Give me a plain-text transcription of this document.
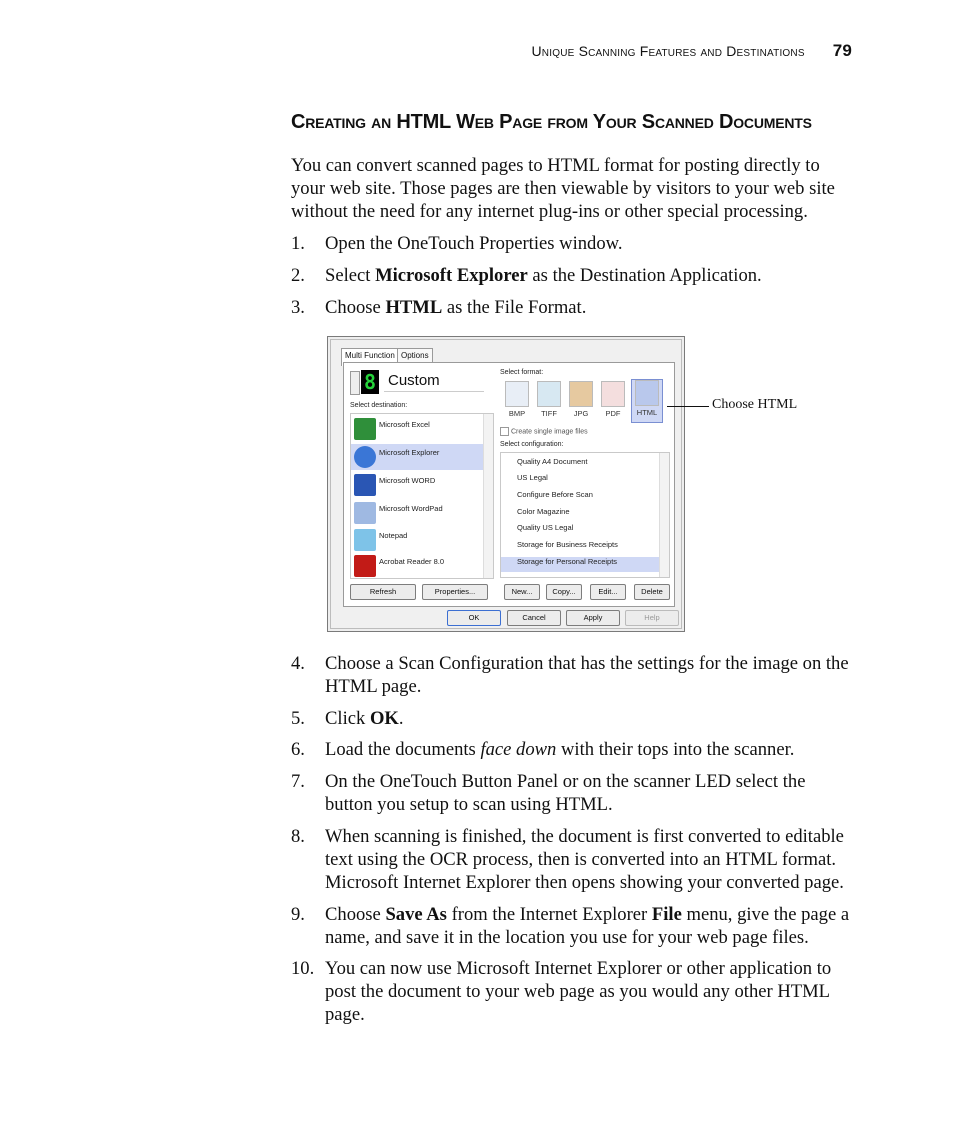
Unique Scanning Features and Destinations 79
Creating an HTML Web Page from Your Scanned Documents

You can convert scanned pages to HTML format for posting directly to your web site. Those pages are then viewable by visitors to your web site without the need for any internet plug-ins or other special processing.

1. Open the OneTouch Properties window.
2. Select Microsoft Explorer as the Destination Application.
3. Choose HTML as the File Format.
Multi Function Options
8 Custom
Select destination:
Microsoft Excel
Microsoft Explorer
Microsoft WORD
Microsoft WordPad
Notepad
Acrobat Reader 8.0
Refresh	Properties...
Select format:
BMP	TIFF	JPG	PDF	HTML
Create single image files
Select configuration:
Quality A4 Document
US Legal
Configure Before Scan
Color Magazine
Quality US Legal
Storage for Business Receipts
Storage for Personal Receipts
New...	Copy...	Edit...	Delete
OK	Cancel	Apply	Help
Choose HTML
4. Choose a Scan Configuration that has the settings for the image on the HTML page.
5. Click OK.
6. Load the documents face down with their tops into the scanner.
7. On the OneTouch Button Panel or on the scanner LED select the button you setup to scan using HTML.
8. When scanning is finished, the document is first converted to editable text using the OCR process, then is converted into an HTML format. Microsoft Internet Explorer then opens showing your converted page.
9. Choose Save As from the Internet Explorer File menu, give the page a name, and save it in the location you use for your web page files.
10. You can now use Microsoft Internet Explorer or other application to post the document to your web page as you would any other HTML page.
